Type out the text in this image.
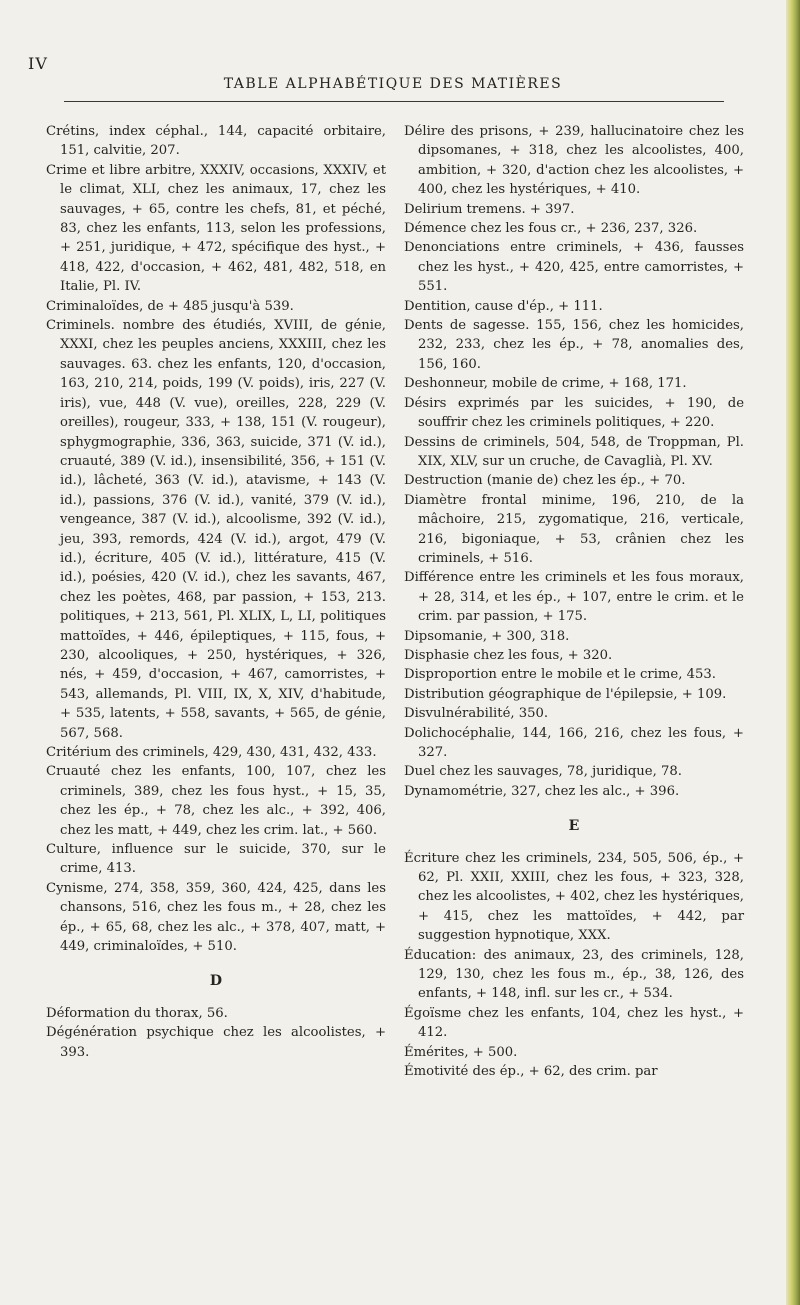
IV
TABLE ALPHABÉTIQUE DES MATIÈRES

Crétins, index céphal., 144, capacité orbitaire, 151, calvitie, 207.

Crime et libre arbitre, XXXIV, occasions, XXXIV, et le climat, XLI, chez les animaux, 17, chez les sauvages, + 65, contre les chefs, 81, et péché, 83, chez les enfants, 113, selon les professions, + 251, juridique, + 472, spécifique des hyst., + 418, 422, d'occasion, + 462, 481, 482, 518, en Italie, Pl. IV.

Criminaloïdes, de + 485 jusqu'à 539.

Criminels. nombre des étudiés, XVIII, de génie, XXXI, chez les peuples anciens, XXXIII, chez les sauvages. 63. chez les enfants, 120, d'occasion, 163, 210, 214, poids, 199 (V. poids), iris, 227 (V. iris), vue, 448 (V. vue), oreilles, 228, 229 (V. oreilles), rougeur, 333, + 138, 151 (V. rougeur), sphygmographie, 336, 363, suicide, 371 (V. id.), cruauté, 389 (V. id.), insensibilité, 356, + 151 (V. id.), lâcheté, 363 (V. id.), atavisme, + 143 (V. id.), passions, 376 (V. id.), vanité, 379 (V. id.), vengeance, 387 (V. id.), alcoolisme, 392 (V. id.), jeu, 393, remords, 424 (V. id.), argot, 479 (V. id.), écriture, 405 (V. id.), littérature, 415 (V. id.), poésies, 420 (V. id.), chez les savants, 467, chez les poètes, 468, par passion, + 153, 213. politiques, + 213, 561, Pl. XLIX, L, LI, politiques mattoïdes, + 446, épileptiques, + 115, fous, + 230, alcooliques, + 250, hystériques, + 326, nés, + 459, d'occasion, + 467, camorristes, + 543, allemands, Pl. VIII, IX, X, XIV, d'habitude, + 535, latents, + 558, savants, + 565, de génie, 567, 568.

Critérium des criminels, 429, 430, 431, 432, 433.

Cruauté chez les enfants, 100, 107, chez les criminels, 389, chez les fous hyst., + 15, 35, chez les ép., + 78, chez les alc., + 392, 406, chez les matt, + 449, chez les crim. lat., + 560.

Culture, influence sur le suicide, 370, sur le crime, 413.

Cynisme, 274, 358, 359, 360, 424, 425, dans les chansons, 516, chez les fous m., + 28, chez les ép., + 65, 68, chez les alc., + 378, 407, matt, + 449, criminaloïdes, + 510.

D

Déformation du thorax, 56.

Dégénération psychique chez les alcoolistes, + 393.

Délire des prisons, + 239, hallucinatoire chez les dipsomanes, + 318, chez les alcoolistes, 400, ambition, + 320, d'action chez les alcoolistes, + 400, chez les hystériques, + 410.

Delirium tremens. + 397.

Démence chez les fous cr., + 236, 237, 326.

Denonciations entre criminels, + 436, fausses chez les hyst., + 420, 425, entre camorristes, + 551.

Dentition, cause d'ép., + 111.

Dents de sagesse. 155, 156, chez les homicides, 232, 233, chez les ép., + 78, anomalies des, 156, 160.

Deshonneur, mobile de crime, + 168, 171.

Désirs exprimés par les suicides, + 190, de souffrir chez les criminels politiques, + 220.

Dessins de criminels, 504, 548, de Troppman, Pl. XIX, XLV, sur un cruche, de Cavaglià, Pl. XV.

Destruction (manie de) chez les ép., + 70.

Diamètre frontal minime, 196, 210, de la mâchoire, 215, zygomatique, 216, verticale, 216, bigoniaque, + 53, crânien chez les criminels, + 516.

Différence entre les criminels et les fous moraux, + 28, 314, et les ép., + 107, entre le crim. et le crim. par passion, + 175.

Dipsomanie, + 300, 318.

Disphasie chez les fous, + 320.

Disproportion entre le mobile et le crime, 453.

Distribution géographique de l'épilepsie, + 109.

Disvulnérabilité, 350.

Dolichocéphalie, 144, 166, 216, chez les fous, + 327.

Duel chez les sauvages, 78, juridique, 78.

Dynamométrie, 327, chez les alc., + 396.

E

Écriture chez les criminels, 234, 505, 506, ép., + 62, Pl. XXII, XXIII, chez les fous, + 323, 328, chez les alcoolistes, + 402, chez les hystériques, + 415, chez les mattoïdes, + 442, par suggestion hypnotique, XXX.

Éducation: des animaux, 23, des criminels, 128, 129, 130, chez les fous m., ép., 38, 126, des enfants, + 148, infl. sur les cr., + 534.

Égoïsme chez les enfants, 104, chez les hyst., + 412.

Émérites, + 500.

Émotivité des ép., + 62, des crim. par
